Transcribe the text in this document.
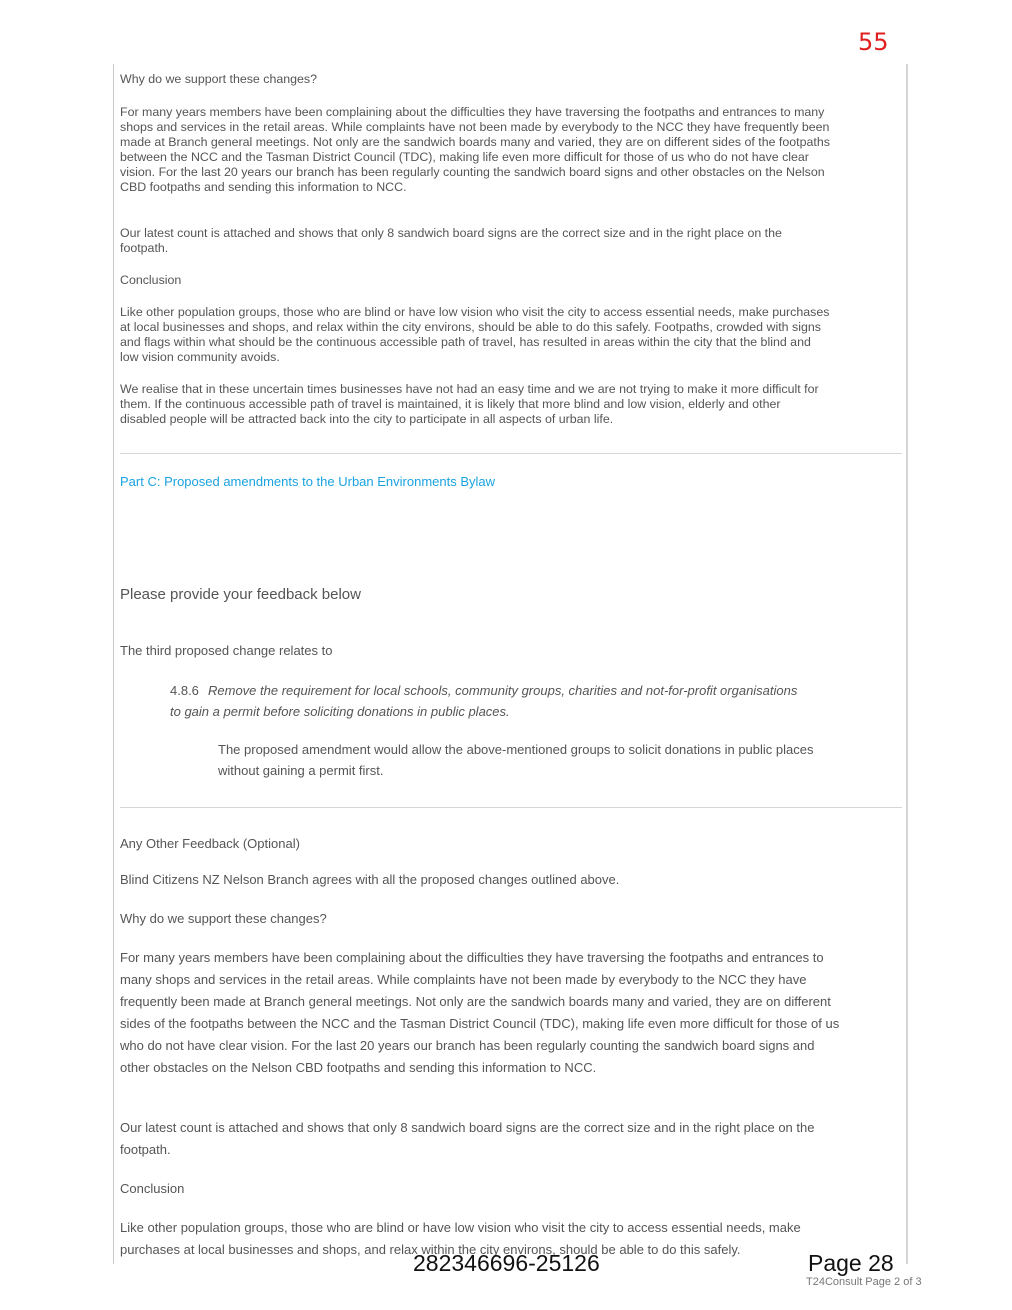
55

Why do we support these changes?

For many years members have been complaining about the difficulties they have traversing the footpaths and entrances to many shops and services in the retail areas. While complaints have not been made by everybody to the NCC they have frequently been made at Branch general meetings. Not only are the sandwich boards many and varied, they are on different sides of the footpaths between the NCC and the Tasman District Council (TDC), making life even more difficult for those of us who do not have clear vision. For the last 20 years our branch has been regularly counting the sandwich board signs and other obstacles on the Nelson CBD footpaths and sending this information to NCC.

Our latest count is attached and shows that only 8 sandwich board signs are the correct size and in the right place on the footpath.

Conclusion

Like other population groups, those who are blind or have low vision who visit the city to access essential needs, make purchases at local businesses and shops, and relax within the city environs, should be able to do this safely. Footpaths, crowded with signs and flags within what should be the continuous accessible path of travel, has resulted in areas within the city that the blind and low vision community avoids.

We realise that in these uncertain times businesses have not had an easy time and we are not trying to make it more difficult for them. If the continuous accessible path of travel is maintained, it is likely that more blind and low vision, elderly and other disabled people will be attracted back into the city to participate in all aspects of urban life.

Part C: Proposed amendments to the Urban Environments Bylaw
Please provide your feedback below

The third proposed change relates to

4.8.6 Remove the requirement for local schools, community groups, charities and not-for-profit organisations to gain a permit before soliciting donations in public places.

The proposed amendment would allow the above-mentioned groups to solicit donations in public places without gaining a permit first.

Any Other Feedback (Optional)

Blind Citizens NZ Nelson Branch agrees with all the proposed changes outlined above.

Why do we support these changes?

For many years members have been complaining about the difficulties they have traversing the footpaths and entrances to many shops and services in the retail areas. While complaints have not been made by everybody to the NCC they have frequently been made at Branch general meetings. Not only are the sandwich boards many and varied, they are on different sides of the footpaths between the NCC and the Tasman District Council (TDC), making life even more difficult for those of us who do not have clear vision. For the last 20 years our branch has been regularly counting the sandwich board signs and other obstacles on the Nelson CBD footpaths and sending this information to NCC.

Our latest count is attached and shows that only 8 sandwich board signs are the correct size and in the right place on the footpath.

Conclusion

Like other population groups, those who are blind or have low vision who visit the city to access essential needs, make purchases at local businesses and shops, and relax within the city environs, should be able to do this safely.

282346696-25126	Page 28
T24Consult Page 2 of 3
